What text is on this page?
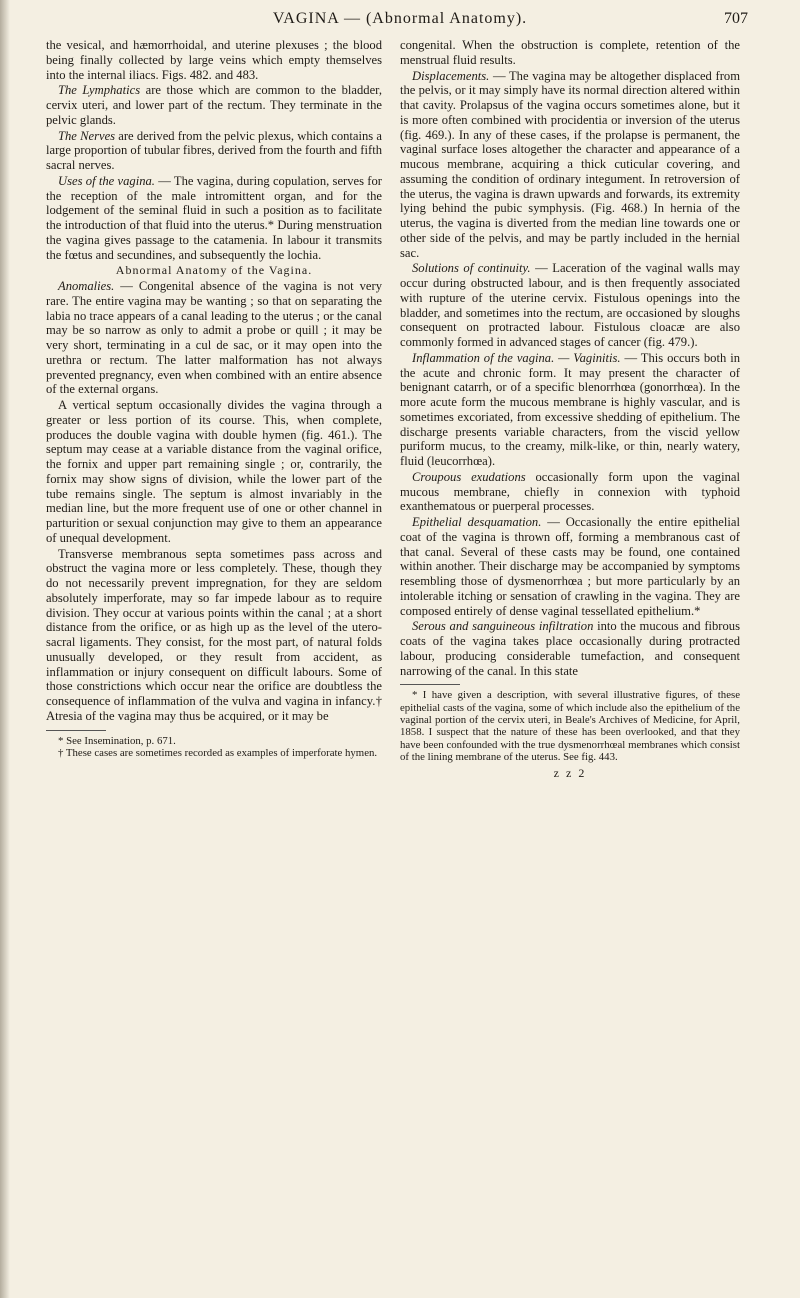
VAGINA — (Abnormal Anatomy).	707

the vesical, and hæmorrhoidal, and uterine plexuses ; the blood being finally collected by large veins which empty themselves into the internal iliacs. Figs. 482. and 483.

The Lymphatics are those which are common to the bladder, cervix uteri, and lower part of the rectum. They terminate in the pelvic glands.

The Nerves are derived from the pelvic plexus, which contains a large proportion of tubular fibres, derived from the fourth and fifth sacral nerves.

Uses of the vagina. — The vagina, during copulation, serves for the reception of the male intromittent organ, and for the lodgement of the seminal fluid in such a position as to facilitate the introduction of that fluid into the uterus.* During menstruation the vagina gives passage to the catamenia. In labour it transmits the fœtus and secundines, and subsequently the lochia.

Abnormal Anatomy of the Vagina.

Anomalies. — Congenital absence of the vagina is not very rare. The entire vagina may be wanting ; so that on separating the labia no trace appears of a canal leading to the uterus ; or the canal may be so narrow as only to admit a probe or quill ; it may be very short, terminating in a cul de sac, or it may open into the urethra or rectum. The latter malformation has not always prevented pregnancy, even when combined with an entire absence of the external organs.

A vertical septum occasionally divides the vagina through a greater or less portion of its course. This, when complete, produces the double vagina with double hymen (fig. 461.). The septum may cease at a variable distance from the vaginal orifice, the fornix and upper part remaining single ; or, contrarily, the fornix may show signs of division, while the lower part of the tube remains single. The septum is almost invariably in the median line, but the more frequent use of one or other channel in parturition or sexual conjunction may give to them an appearance of unequal development.

Transverse membranous septa sometimes pass across and obstruct the vagina more or less completely. These, though they do not necessarily prevent impregnation, for they are seldom absolutely imperforate, may so far impede labour as to require division. They occur at various points within the canal ; at a short distance from the orifice, or as high up as the level of the utero-sacral ligaments. They consist, for the most part, of natural folds unusually developed, or they result from accident, as inflammation or injury consequent on difficult labours. Some of those constrictions which occur near the orifice are doubtless the consequence of inflammation of the vulva and vagina in infancy.† Atresia of the vagina may thus be acquired, or it may be

* See Insemination, p. 671.

† These cases are sometimes recorded as examples of imperforate hymen.

congenital. When the obstruction is complete, retention of the menstrual fluid results.

Displacements. — The vagina may be altogether displaced from the pelvis, or it may simply have its normal direction altered within that cavity. Prolapsus of the vagina occurs sometimes alone, but it is more often combined with procidentia or inversion of the uterus (fig. 469.). In any of these cases, if the prolapse is permanent, the vaginal surface loses altogether the character and appearance of a mucous membrane, acquiring a thick cuticular covering, and assuming the condition of ordinary integument. In retroversion of the uterus, the vagina is drawn upwards and forwards, its extremity lying behind the pubic symphysis. (Fig. 468.) In hernia of the uterus, the vagina is diverted from the median line towards one or other side of the pelvis, and may be partly included in the hernial sac.

Solutions of continuity. — Laceration of the vaginal walls may occur during obstructed labour, and is then frequently associated with rupture of the uterine cervix. Fistulous openings into the bladder, and sometimes into the rectum, are occasioned by sloughs consequent on protracted labour. Fistulous cloacæ are also commonly formed in advanced stages of cancer (fig. 479.).

Inflammation of the vagina. — Vaginitis. — This occurs both in the acute and chronic form. It may present the character of benignant catarrh, or of a specific blenorrhœa (gonorrhœa). In the more acute form the mucous membrane is highly vascular, and is sometimes excoriated, from excessive shedding of epithelium. The discharge presents variable characters, from the viscid yellow puriform mucus, to the creamy, milk-like, or thin, nearly watery, fluid (leucorrhœa).

Croupous exudations occasionally form upon the vaginal mucous membrane, chiefly in connexion with typhoid exanthematous or puerperal processes.

Epithelial desquamation. — Occasionally the entire epithelial coat of the vagina is thrown off, forming a membranous cast of that canal. Several of these casts may be found, one contained within another. Their discharge may be accompanied by symptoms resembling those of dysmenorrhœa ; but more particularly by an intolerable itching or sensation of crawling in the vagina. They are composed entirely of dense vaginal tessellated epithelium.*

Serous and sanguineous infiltration into the mucous and fibrous coats of the vagina takes place occasionally during protracted labour, producing considerable tumefaction, and consequent narrowing of the canal. In this state

* I have given a description, with several illustrative figures, of these epithelial casts of the vagina, some of which include also the epithelium of the vaginal portion of the cervix uteri, in Beale's Archives of Medicine, for April, 1858. I suspect that the nature of these has been overlooked, and that they have been confounded with the true dysmenorrhœal membranes which consist of the lining membrane of the uterus. See fig. 443.

z z 2
